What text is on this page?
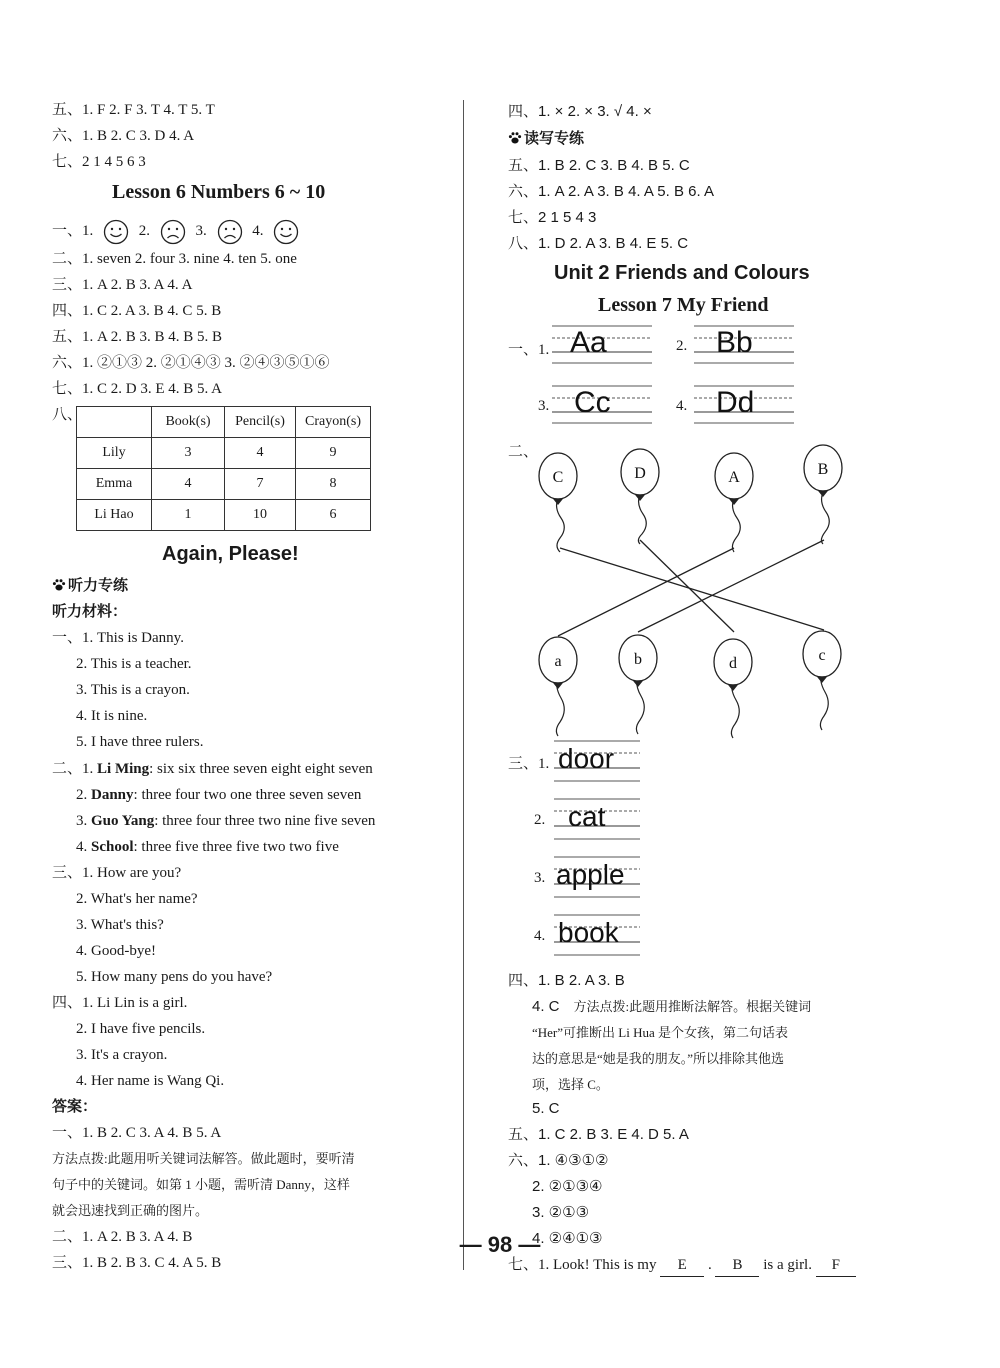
五、1. F 2. F 3. T 4. T 5. T
六、1. B 2. C 3. D 4. A
七、2 1 4 5 6 3
Lesson 6 Numbers 6 ~ 10
一、1.	2.	3.	4.
二、1. seven 2. four 3. nine 4. ten 5. one
三、1. A 2. B 3. A 4. A
四、1. C 2. A 3. B 4. C 5. B
五、1. A 2. B 3. B 4. B 5. B
六、1. ②①③ 2. ②①④③ 3. ②④③⑤①⑥
七、1. C 2. D 3. E 4. B 5. A
八、
		Book(s)	Pencil(s)	Crayon(s)
Lily	3	4	9
Emma	4	7	8
Li Hao	1	10	6
Again, Please!
听力专练
听力材料：
一、1. This is Danny.
2. This is a teacher.
3. This is a crayon.
4. It is nine.
5. I have three rulers.
二、1. Li Ming: six six three seven eight eight seven
2. Danny: three four two one three seven seven
3. Guo Yang: three four three two nine five seven
4. School: three five three five two two five
三、1. How are you?
2. What's her name?
3. What's this?
4. Good-bye!
5. How many pens do you have?
四、1. Li Lin is a girl.
2. I have five pencils.
3. It's a crayon.
4. Her name is Wang Qi.
答案：
一、1. B 2. C 3. A 4. B 5. A
方法点拨:此题用听关键词法解答。做此题时，要听清
句子中的关键词。如第 1 小题，需听清 Danny，这样
就会迅速找到正确的图片。
二、1. A 2. B 3. A 4. B
三、1. B 2. B 3. C 4. A 5. B
四、1. × 2. × 3. √ 4. ×
读写专练
五、1. B 2. C 3. B 4. B 5. C
六、1. A 2. A 3. B 4. A 5. B 6. A
七、2 1 5 4 3
八、1. D 2. A 3. B 4. E 5. C
Unit 2 Friends and Colours
Lesson 7 My Friend
一、1. Aa	2. Bb
3. Cc	4. Dd
二、
C	D	A	B
a	b	d	c
三、1. door
2. cat
3. apple
4. book
四、1. B 2. A 3. B
4. C 方法点拨:此题用推断法解答。根据关键词
“Her”可推断出 Li Hua 是个女孩，第二句话表
达的意思是“她是我的朋友。”所以排除其他选
项，选择 C。
5. C
五、1. C 2. B 3. E 4. D 5. A
六、1. ④③①②
2. ②①③④
3. ②①③
4. ②④①③
七、1. Look! This is my E . B is a girl. F
— 98 —
